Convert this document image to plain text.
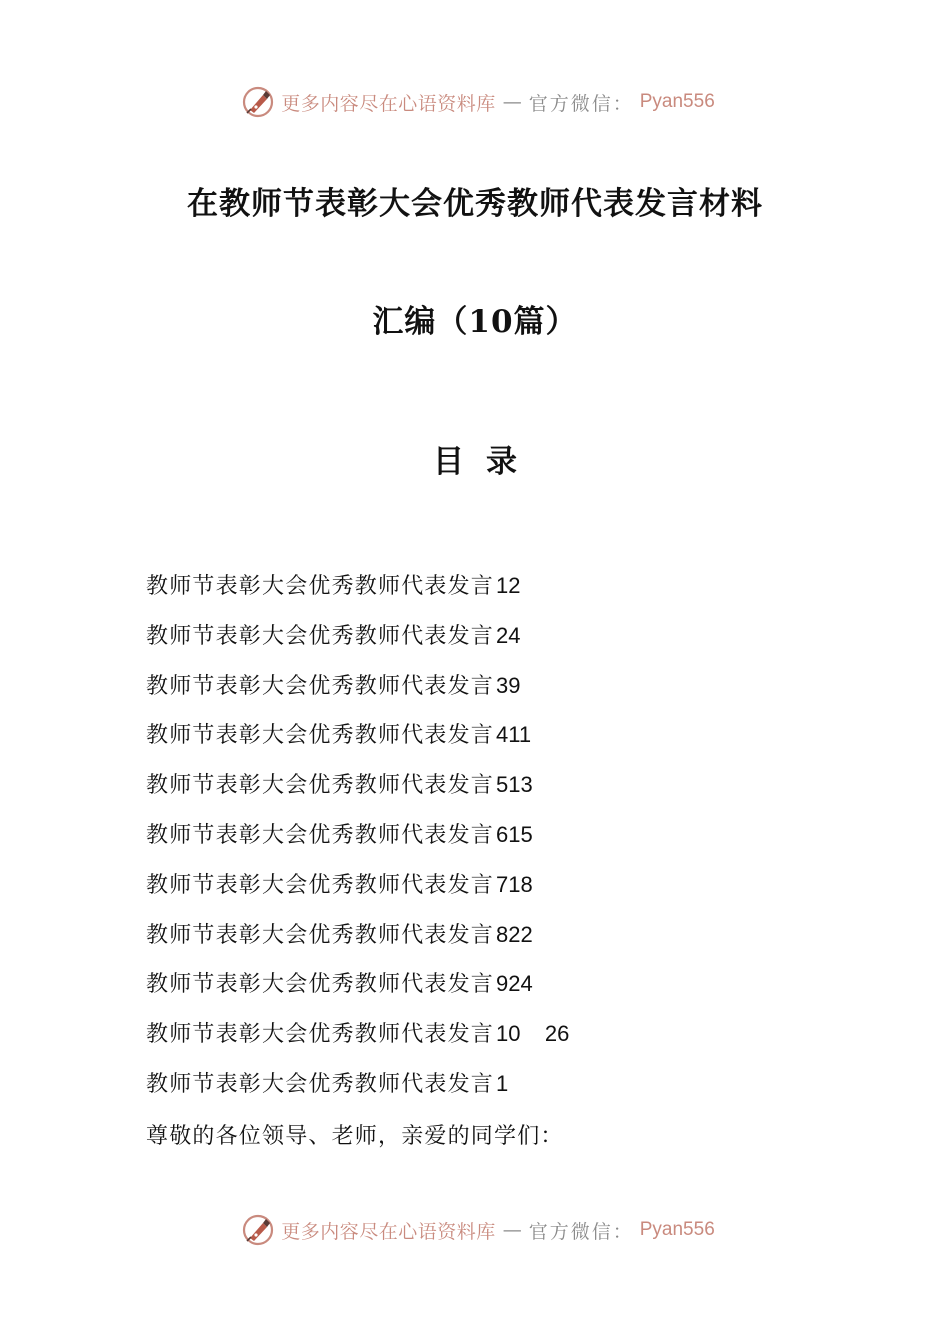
更多内容尽在心语资料库 — 官方微信： Pyan556
在教师节表彰大会优秀教师代表发言材料
汇编（10篇）
目录
教师节表彰大会优秀教师代表发言12
教师节表彰大会优秀教师代表发言24
教师节表彰大会优秀教师代表发言39
教师节表彰大会优秀教师代表发言411
教师节表彰大会优秀教师代表发言513
教师节表彰大会优秀教师代表发言615
教师节表彰大会优秀教师代表发言718
教师节表彰大会优秀教师代表发言822
教师节表彰大会优秀教师代表发言924
教师节表彰大会优秀教师代表发言10    26
教师节表彰大会优秀教师代表发言1
尊敬的各位领导、老师，亲爱的同学们：
更多内容尽在心语资料库 — 官方微信： Pyan556
